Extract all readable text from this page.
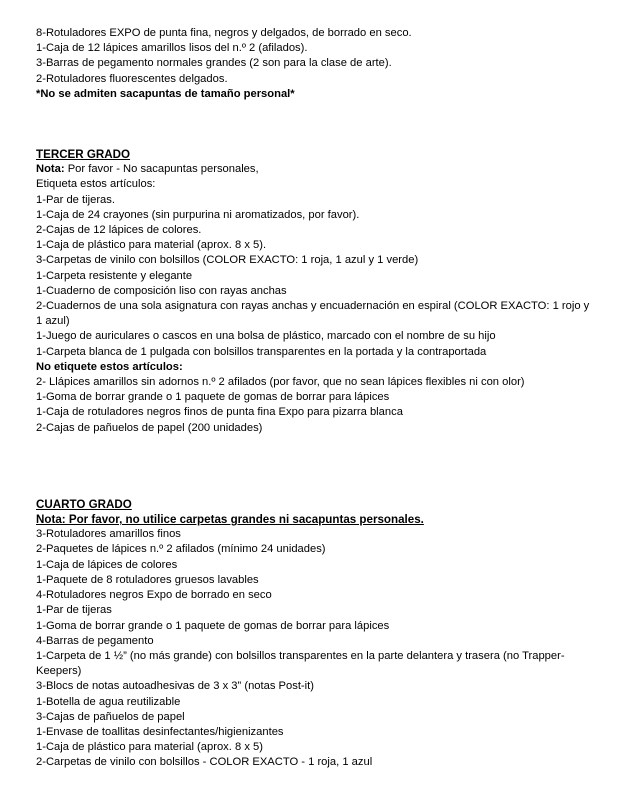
8-Rotuladores EXPO de punta fina, negros y delgados, de borrado en seco.
1-Caja de 12 lápices amarillos lisos del n.º 2 (afilados).
3-Barras de pegamento normales grandes (2 son para la clase de arte).
2-Rotuladores fluorescentes delgados.
*No se admiten sacapuntas de tamaño personal*
TERCER GRADO
Nota: Por favor - No sacapuntas personales,
Etiqueta estos artículos:
1-Par de tijeras.
1-Caja de 24 crayones (sin purpurina ni aromatizados, por favor).
2-Cajas de 12 lápices de colores.
1-Caja de plástico para material (aprox. 8 x 5).
3-Carpetas de vinilo con bolsillos (COLOR EXACTO: 1 roja, 1 azul y 1 verde)
1-Carpeta resistente y elegante
1-Cuaderno de composición liso con rayas anchas
2-Cuadernos de una sola asignatura con rayas anchas y encuadernación en espiral (COLOR EXACTO: 1 rojo y 1 azul)
1-Juego de auriculares o cascos en una bolsa de plástico, marcado con el nombre de su hijo
1-Carpeta blanca de 1 pulgada con bolsillos transparentes en la portada y la contraportada
No etiquete estos artículos:
2- Llápices amarillos sin adornos n.º 2 afilados (por favor, que no sean lápices flexibles ni con olor)
1-Goma de borrar grande o 1 paquete de gomas de borrar para lápices
1-Caja de rotuladores negros finos de punta fina Expo para pizarra blanca
2-Cajas de pañuelos de papel (200 unidades)
CUARTO GRADO
Nota: Por favor, no utilice carpetas grandes ni sacapuntas personales.
3-Rotuladores amarillos finos
2-Paquetes de lápices n.º 2 afilados (mínimo 24 unidades)
1-Caja de lápices de colores
1-Paquete de 8 rotuladores gruesos lavables
4-Rotuladores negros Expo de borrado en seco
1-Par de tijeras
1-Goma de borrar grande o 1 paquete de gomas de borrar para lápices
4-Barras de pegamento
1-Carpeta de 1 ½” (no más grande) con bolsillos transparentes en la parte delantera y trasera (no Trapper-Keepers)
3-Blocs de notas autoadhesivas de 3 x 3” (notas Post-it)
1-Botella de agua reutilizable
3-Cajas de pañuelos de papel
1-Envase de toallitas desinfectantes/higienizantes
1-Caja de plástico para material (aprox. 8 x 5)
2-Carpetas de vinilo con bolsillos - COLOR EXACTO - 1 roja, 1 azul
